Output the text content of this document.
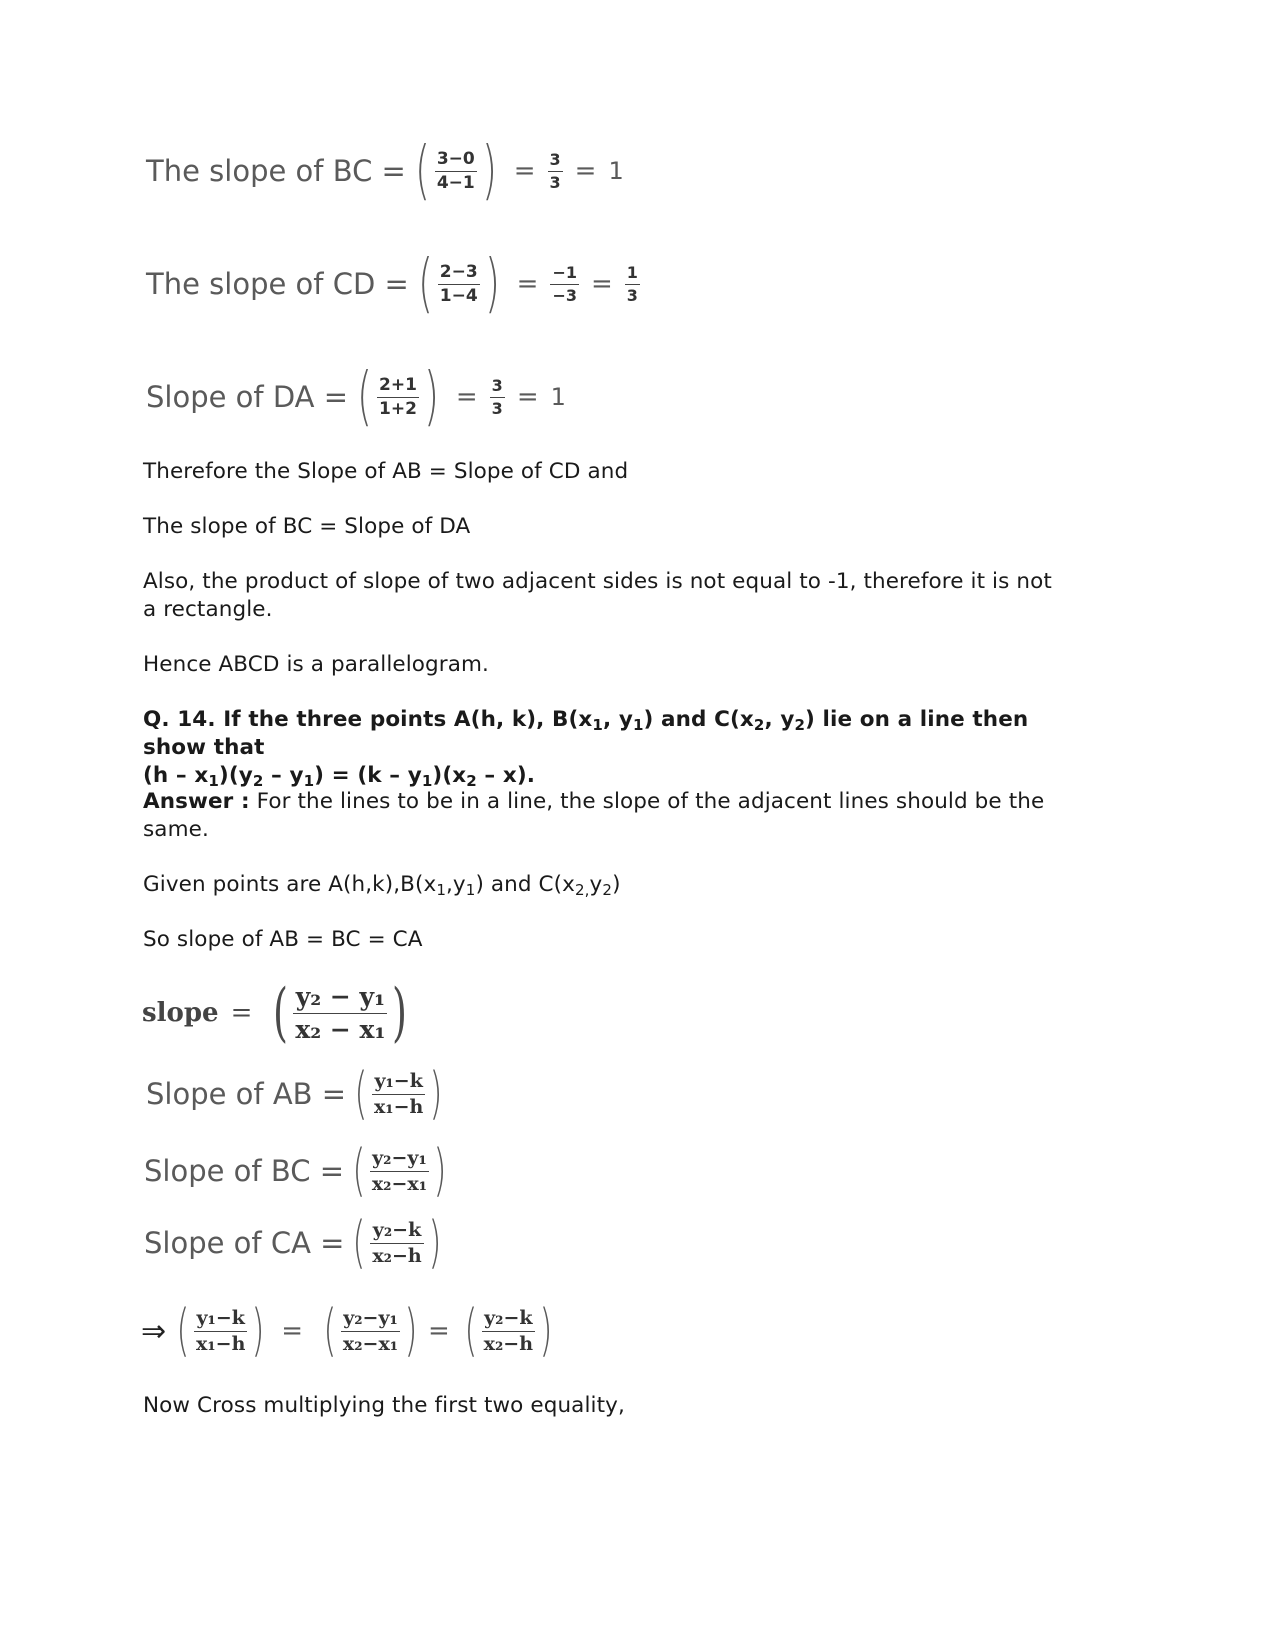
The slope of BC = ( $\frac{3-0}{4-1}$ ) = $\frac{3}{3} = 1$
The slope of CD = ( $\frac{2-3}{1-4}$ ) = $\frac{-1}{-3} = \frac{1}{3}$
Slope of DA = ( $\frac{2+1}{1+2}$ ) = $\frac{3}{3} = 1$
Therefore the Slope of AB = Slope of CD and
The slope of BC = Slope of DA
Also, the product of slope of two adjacent sides is not equal to -1, therefore it is not a rectangle.
Hence ABCD is a parallelogram.
Q. 14. If the three points A(h, k), $B(x_1$, $y_1$) and $C(x_2$, $y_2$) lie on a line then show that
$(h - x_1)(y_2 - y_1) = (k - y_1)(x_2 - x)$.
Answer : For the lines to be in a line, the slope of the adjacent lines should be the same.
Given points are $A(h,k),B(x_1,y_1)$ and $C(x_{2,}y_2)$
So slope of AB = BC = CA
slope = ( $\frac{\text{y₂ − y₁}}{\text{x₂ − x₁}}$ )
Slope of AB = ( $\frac{\text{y₁−k}}{\text{x₁−h}}$ )
Slope of BC = ( $\frac{\text{y₂−y₁}}{\text{x₂−x₁}}$ )
Slope of CA = ( $\frac{\text{y₂−k}}{\text{x₂−h}}$ )
⇒ ( $\frac{\text{y₁−k}}{\text{x₁−h}}$ ) = ( $\frac{\text{y₂−y₁}}{\text{x₂−x₁}}$ ) = ( $\frac{\text{y₂−k}}{\text{x₂−h}}$ )
Now Cross multiplying the first two equality,
